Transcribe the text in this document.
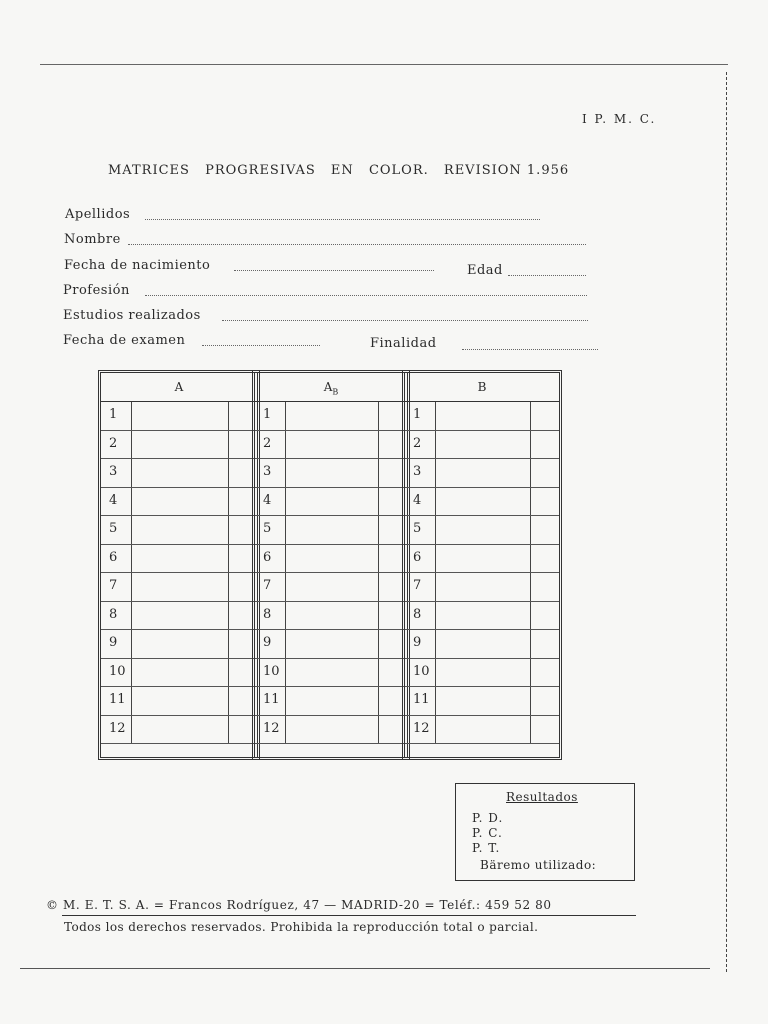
I P. M. C.
MATRICES PROGRESIVAS EN COLOR. REVISION 1.956
Apellidos
Nombre
Fecha de nacimiento	Edad
Profesión
Estudios realizados
Fecha de examen	Finalidad
A
1
2
3
4
5
6
7
8
9
10
11
12
$A_B$
1
2
3
4
5
6
7
8
9
10
11
12
B
1
2
3
4
5
6
7
8
9
10
11
12
Resultados
P. D.
P. C.
P. T.
Bäremo utilizado:
© M. E. T. S. A. = Francos Rodríguez, 47 — MADRID-20 = Teléf.: 459 52 80
Todos los derechos reservados. Prohibida la reproducción total o parcial.
